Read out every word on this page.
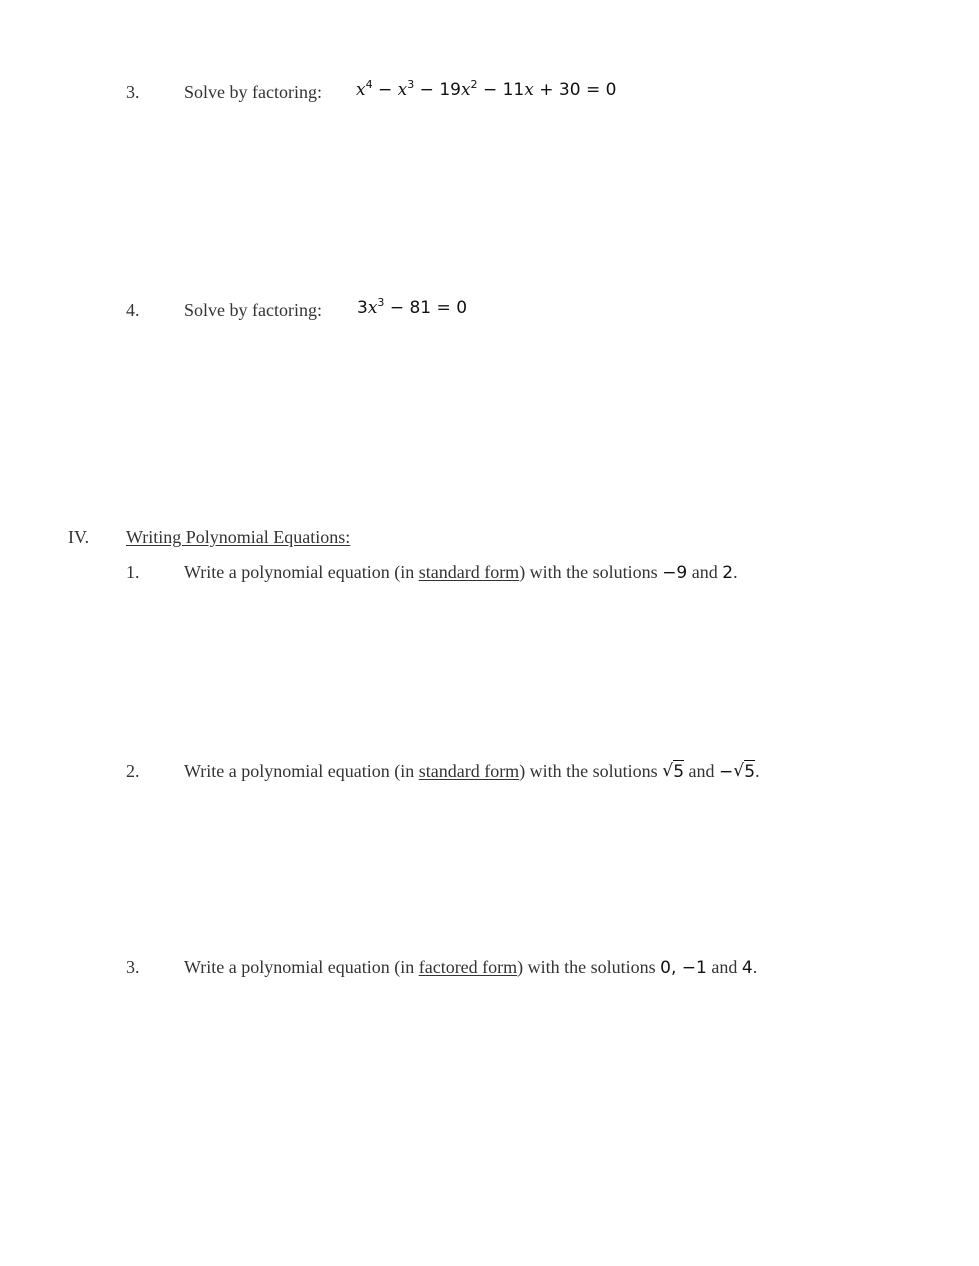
3. Solve by factoring: $x^4 - x^3 - 19x^2 - 11x + 30 = 0$
4. Solve by factoring: $3x^3 - 81 = 0$
IV. Writing Polynomial Equations:
1. Write a polynomial equation (in standard form) with the solutions −9 and 2.
2. Write a polynomial equation (in standard form) with the solutions √ 5 and −√ 5.
3. Write a polynomial equation (in factored form) with the solutions 0, −1 and 4.
